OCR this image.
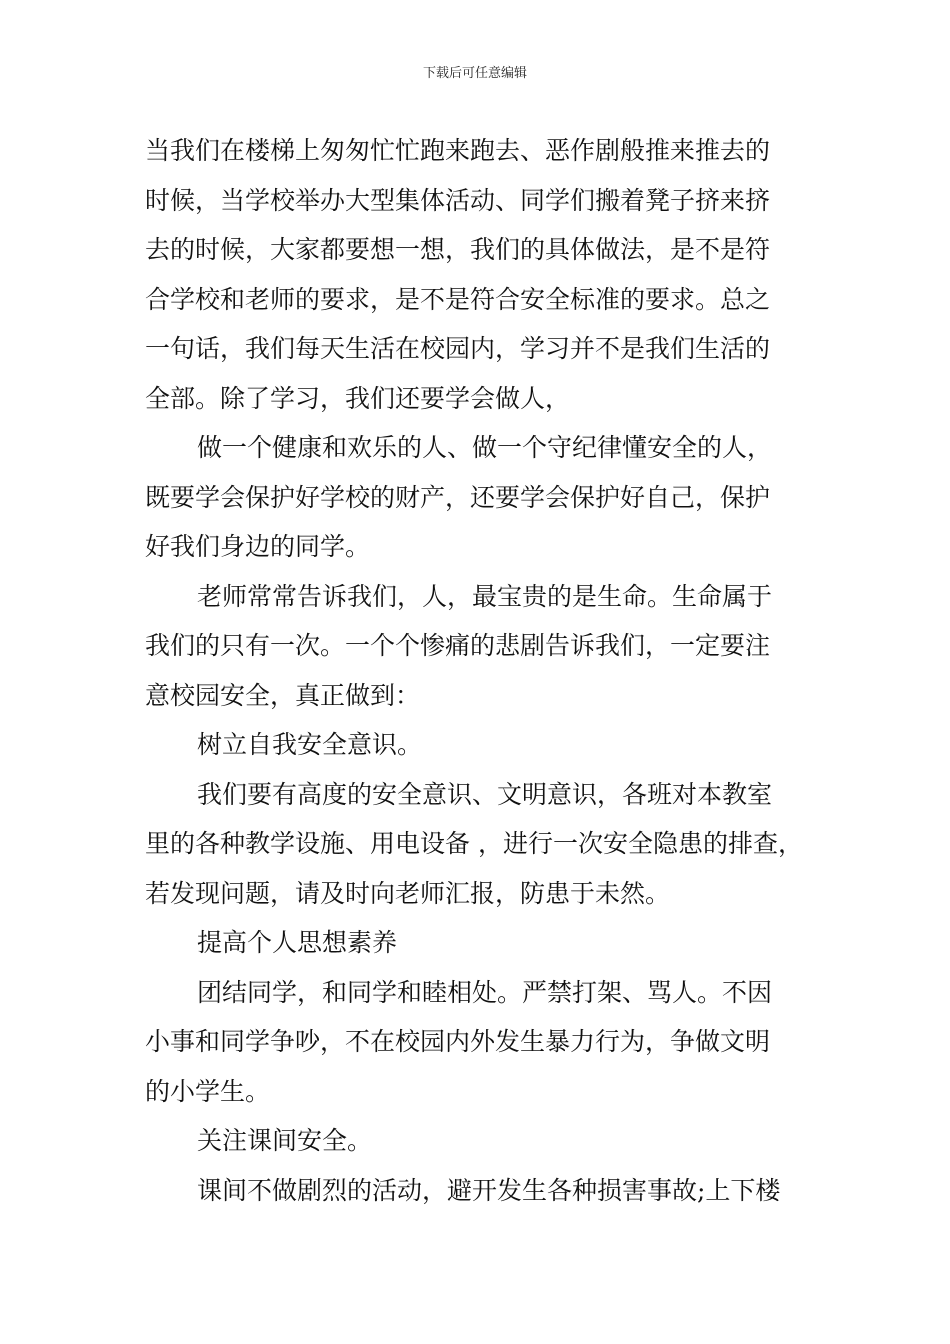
下载后可任意编辑

当我们在楼梯上匆匆忙忙跑来跑去、恶作剧般推来推去的
时候，当学校举办大型集体活动、同学们搬着凳子挤来挤
去的时候，大家都要想一想，我们的具体做法，是不是符
合学校和老师的要求，是不是符合安全标准的要求。总之
一句话，我们每天生活在校园内，学习并不是我们生活的
全部。除了学习，我们还要学会做人，

做一个健康和欢乐的人、做一个守纪律懂安全的人，
既要学会保护好学校的财产，还要学会保护好自己，保护
好我们身边的同学。

老师常常告诉我们，人，最宝贵的是生命。生命属于
我们的只有一次。一个个惨痛的悲剧告诉我们，一定要注
意校园安全，真正做到：

树立自我安全意识。

我们要有高度的安全意识、文明意识，各班对本教室
里的各种教学设施、用电设备 ，进行一次安全隐患的排查，
若发现问题，请及时向老师汇报，防患于未然。

提高个人思想素养

团结同学，和同学和睦相处。严禁打架、骂人。不因
小事和同学争吵，不在校园内外发生暴力行为，争做文明
的小学生。

关注课间安全。

课间不做剧烈的活动，避开发生各种损害事故;上下楼
